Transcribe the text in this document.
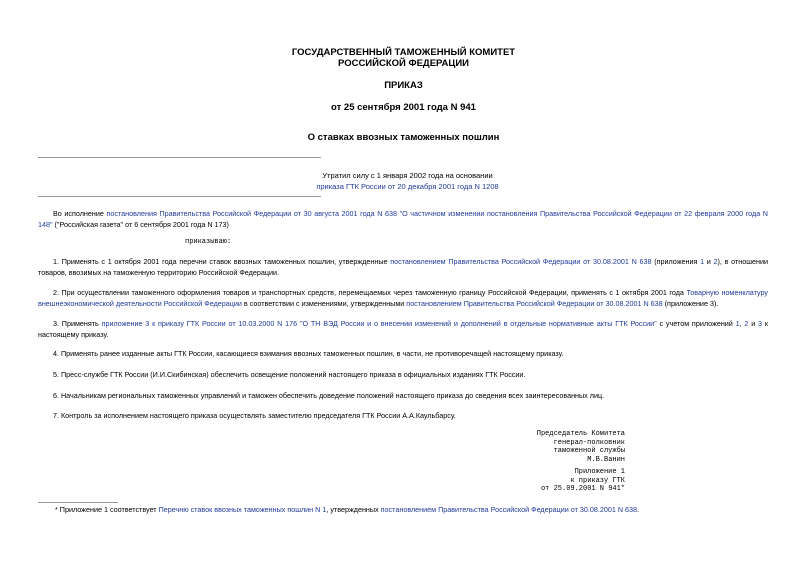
ГОСУДАРСТВЕННЫЙ ТАМОЖЕННЫЙ КОМИТЕТ
РОССИЙСКОЙ ФЕДЕРАЦИИ
ПРИКАЗ
от 25 сентября 2001 года N 941
О ставках ввозных таможенных пошлин
Утратил силу с 1 января 2002 года на основании
приказа ГТК России от 20 декабря 2001 года N 1208
Во исполнение постановления Правительства Российской Федерации от 30 августа 2001 года N 638 "О частичном изменении постановления Правительства Российской Федерации от 22 февраля 2000 года N 148" ("Российская газета" от 6 сентября 2001 года N 173)
приказываю:
1. Применять с 1 октября 2001 года перечни ставок ввозных таможенных пошлин, утвержденные постановлением Правительства Российской Федерации от 30.08.2001 N 638 (приложения 1 и 2), в отношении товаров, ввозимых на таможенную территорию Российской Федерации.
2. При осуществлении таможенного оформления товаров и транспортных средств, перемещаемых через таможенную границу Российской Федерации, применять с 1 октября 2001 года Товарную номенклатуру внешнеэкономической деятельности Российской Федерации в соответствии с изменениями, утвержденными постановлением Правительства Российской Федерации от 30.08.2001 N 638 (приложение 3).
3. Применять приложение 3 к приказу ГТК России от 10.03.2000 N 176 "О ТН ВЭД России и о внесении изменений и дополнений в отдельные нормативные акты ГТК России" с учетом приложений 1, 2 и 3 к настоящему приказу.
4. Применять ранее изданные акты ГТК России, касающиеся взимания ввозных таможенных пошлин, в части, не противоречащей настоящему приказу.
5. Пресс-службе ГТК России (И.И.Скибинская) обеспечить освещение положений настоящего приказа в официальных изданиях ГТК России.
6. Начальникам региональных таможенных управлений и таможен обеспечить доведение положений настоящего приказа до сведения всех заинтересованных лиц.
7. Контроль за исполнением настоящего приказа осуществлять заместителю председателя ГТК России А.А.Каульбарсу.
Председатель Комитета
генерал-полковник
таможенной службы
М.В.Ванин
Приложение 1
к приказу ГТК
от 25.09.2001 N 941*
* Приложение 1 соответствует Перечню ставок ввозных таможенных пошлин N 1, утвержденных постановлением Правительства Российской Федерации от 30.08.2001 N 638.
